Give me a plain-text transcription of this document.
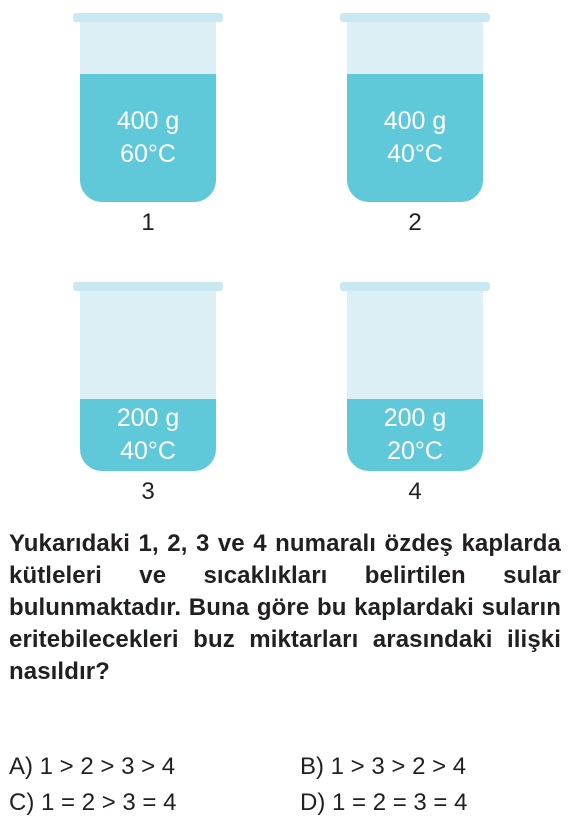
400 g
60°C
1
400 g
40°C
2
200 g
40°C
3
200 g
20°C
4
Yukarıdaki 1, 2, 3 ve 4 numaralı özdeş kaplarda kütleleri ve sıcaklıkları belirtilen sular bulunmaktadır. Buna göre bu kaplardaki suların eritebilecekleri buz miktarları arasındaki ilişki nasıldır?
A) 1 > 2 > 3 > 4	B) 1 > 3 > 2 > 4
C) 1 = 2 > 3 = 4	D) 1 = 2 = 3 = 4
